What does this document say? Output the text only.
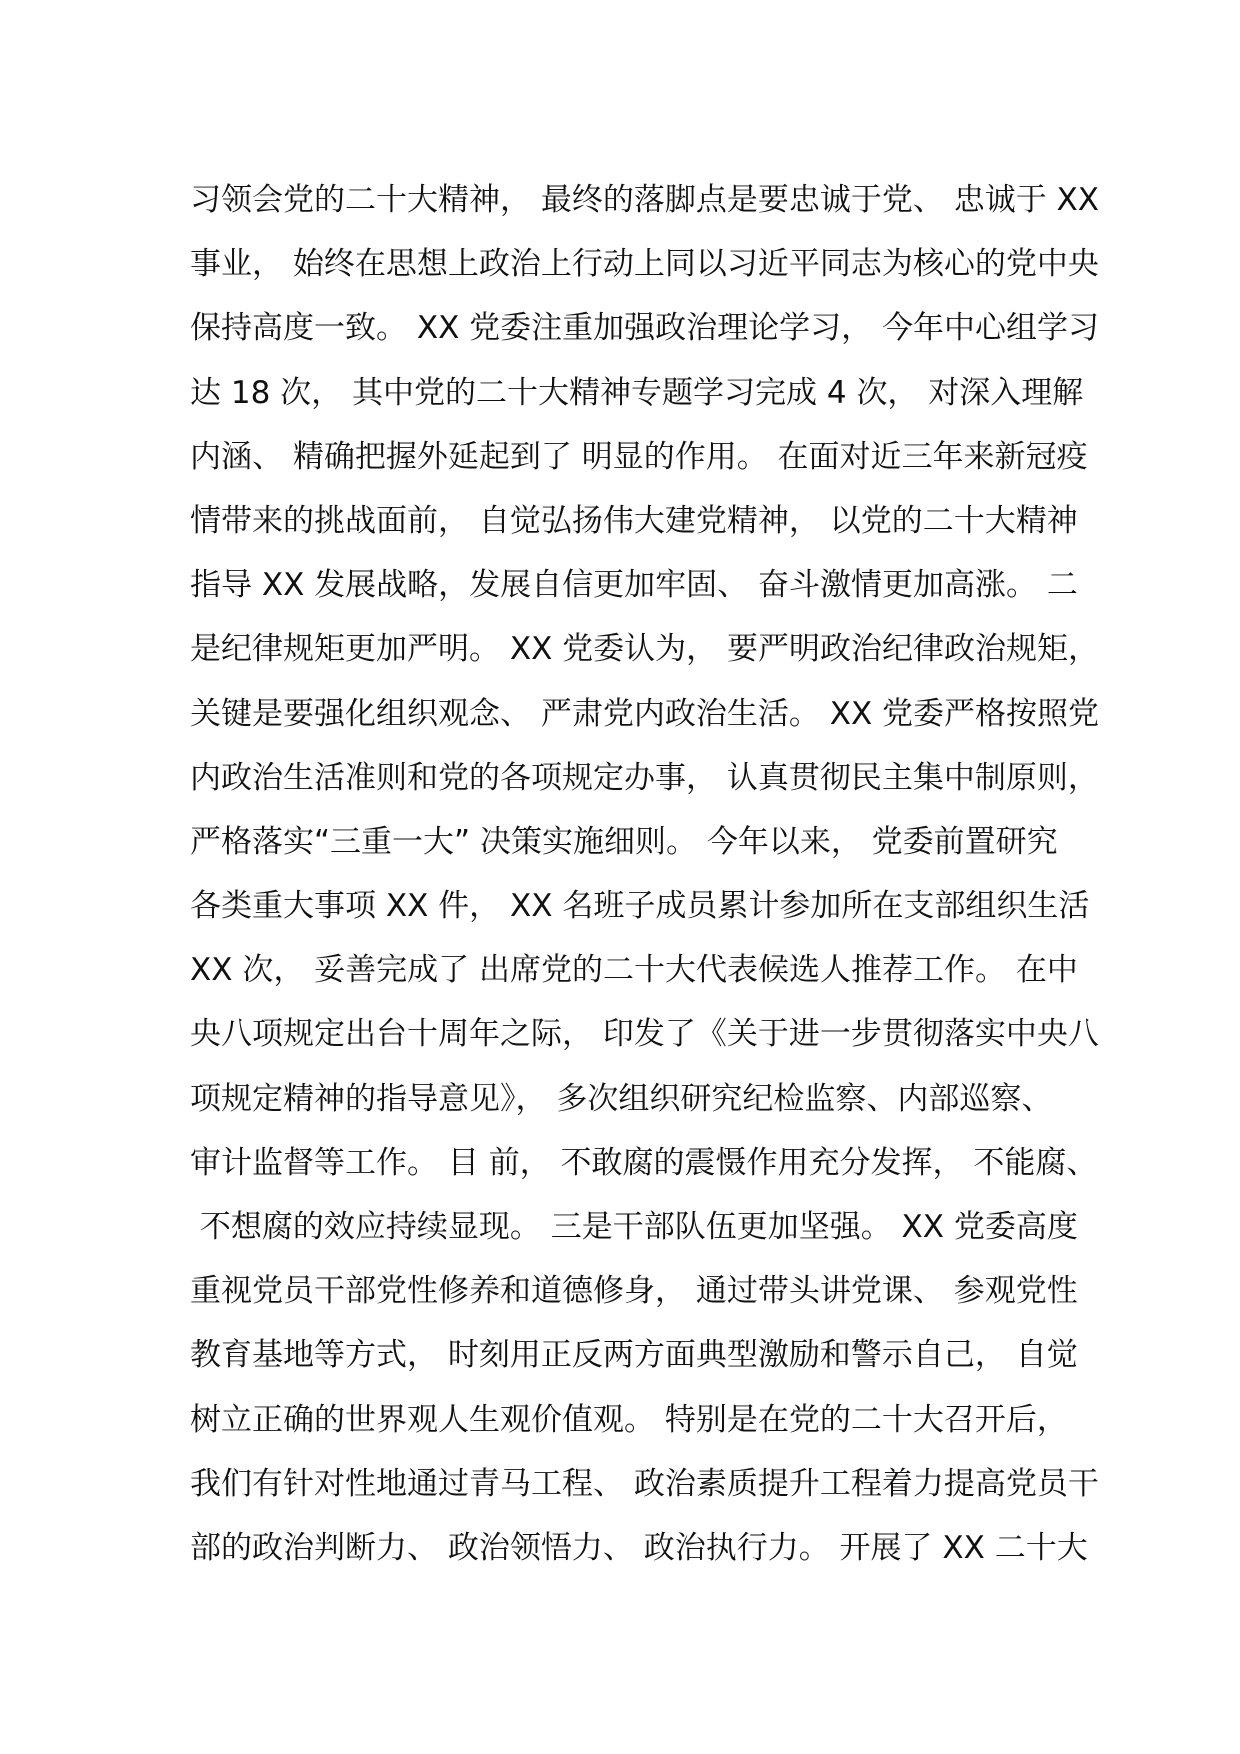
习领会党的二十大精神， 最终的落脚点是要忠诚于党、 忠诚于 XX
事业， 始终在思想上政治上行动上同以习近平同志为核心的党中央
保持高度一致。 XX 党委注重加强政治理论学习， 今年中心组学习
达 18 次， 其中党的二十大精神专题学习完成 4 次， 对深入理解
内涵、 精确把握外延起到了 明显的作用。 在面对近三年来新冠疫
情带来的挑战面前， 自觉弘扬伟大建党精神， 以党的二十大精神
指导 XX 发展战略，发展自信更加牢固、 奋斗激情更加高涨。 二
是纪律规矩更加严明。 XX 党委认为， 要严明政治纪律政治规矩，
关键是要强化组织观念、 严肃党内政治生活。 XX 党委严格按照党
内政治生活准则和党的各项规定办事， 认真贯彻民主集中制原则，
严格落实“三重一大” 决策实施细则。 今年以来， 党委前置研究
各类重大事项 XX 件， XX 名班子成员累计参加所在支部组织生活
XX 次， 妥善完成了 出席党的二十大代表候选人推荐工作。 在中
央八项规定出台十周年之际， 印发了《关于进一步贯彻落实中央八
项规定精神的指导意见》， 多次组织研究纪检监察、内部巡察、
审计监督等工作。 目 前， 不敢腐的震慑作用充分发挥， 不能腐、
不想腐的效应持续显现。 三是干部队伍更加坚强。 XX 党委高度
重视党员干部党性修养和道德修身， 通过带头讲党课、 参观党性
教育基地等方式， 时刻用正反两方面典型激励和警示自己， 自觉
树立正确的世界观人生观价值观。 特别是在党的二十大召开后，
我们有针对性地通过青马工程、 政治素质提升工程着力提高党员干
部的政治判断力、 政治领悟力、 政治执行力。 开展了 XX 二十大
